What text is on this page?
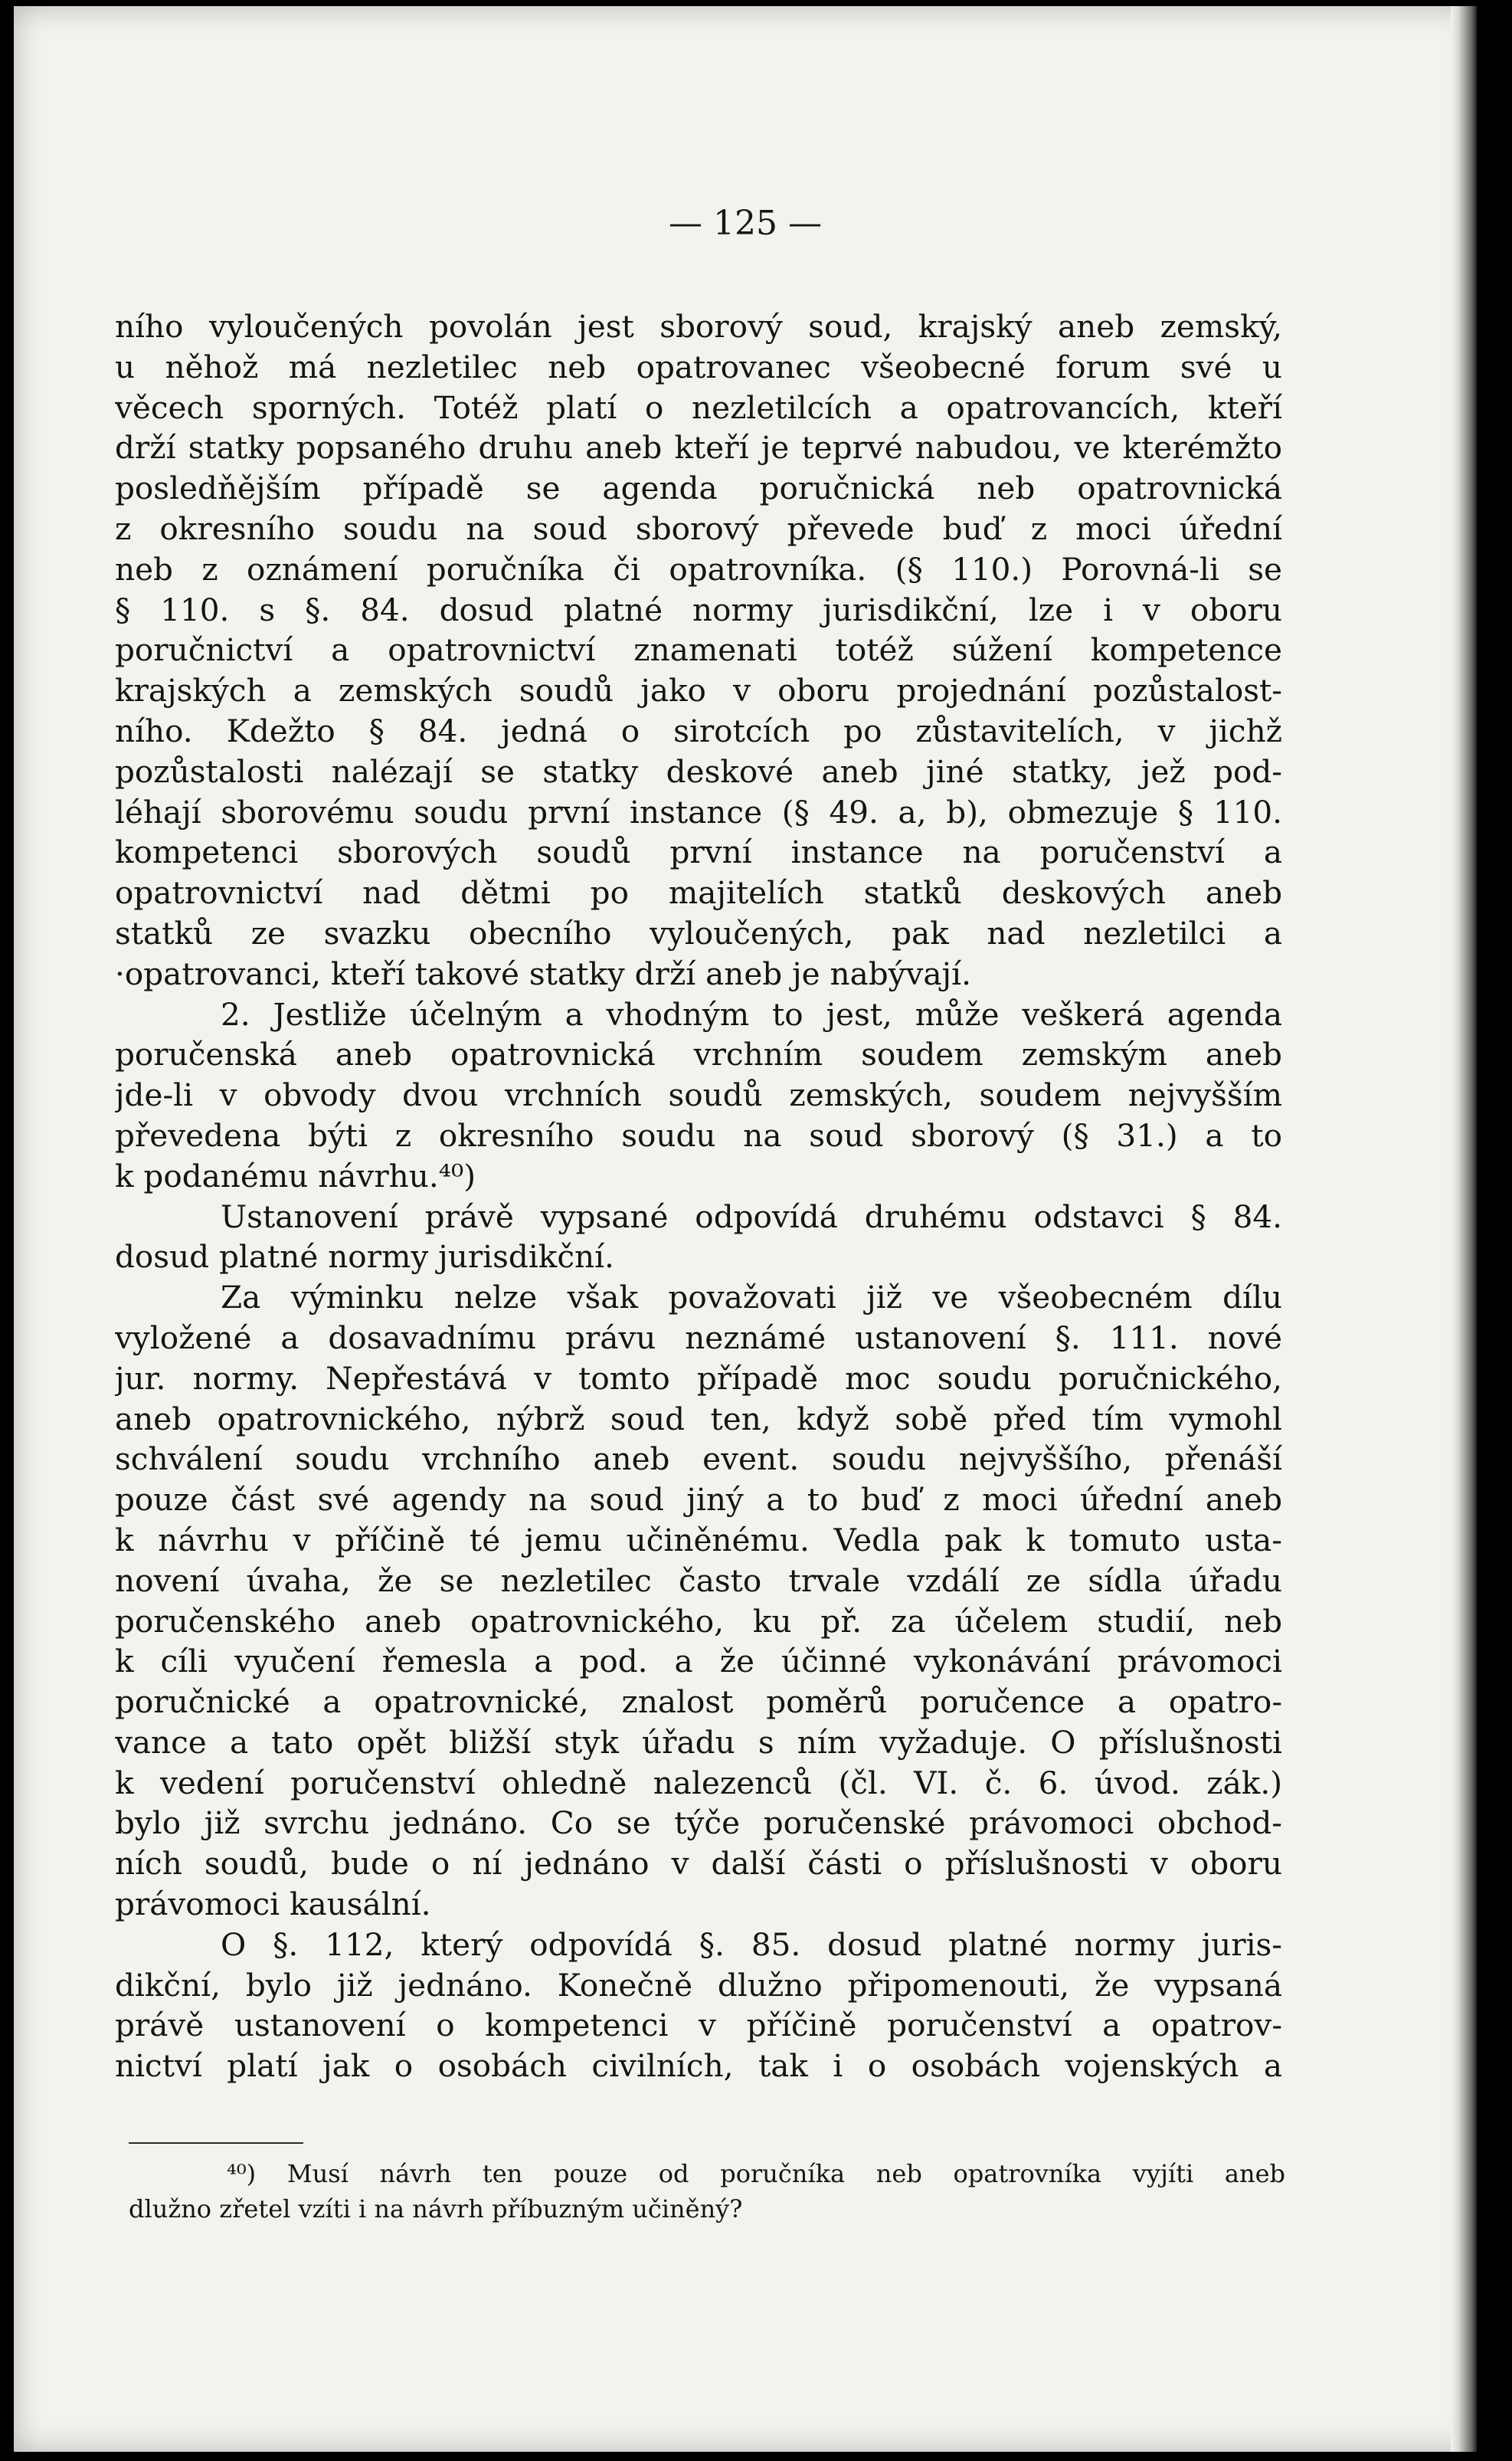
— 125 —
ního vyloučených povolán jest sborový soud, krajský aneb zemský,
u něhož má nezletilec neb opatrovanec všeobecné forum své u
věcech sporných. Totéž platí o nezletilcích a opatrovancích, kteří
drží statky popsaného druhu aneb kteří je teprvé nabudou, ve kterémžto
posledňějším případě se agenda poručnická neb opatrovnická
z okresního soudu na soud sborový převede buď z moci úřední
neb z oznámení poručníka či opatrovníka. (§ 110.) Porovná-li se
§ 110. s §. 84. dosud platné normy jurisdikční, lze i v oboru
poručnictví a opatrovnictví znamenati totéž súžení kompetence
krajských a zemských soudů jako v oboru projednání pozůstalost-
ního. Kdežto § 84. jedná o sirotcích po zůstavitelích, v jichž
pozůstalosti nalézají se statky deskové aneb jiné statky, jež pod-
léhají sborovému soudu první instance (§ 49. a, b), obmezuje § 110.
kompetenci sborových soudů první instance na poručenství a
opatrovnictví nad dětmi po majitelích statků deskových aneb
statků ze svazku obecního vyloučených, pak nad nezletilci a
·opatrovanci, kteří takové statky drží aneb je nabývají.
2. Jestliže účelným a vhodným to jest, může veškerá agenda
poručenská aneb opatrovnická vrchním soudem zemským aneb
jde-li v obvody dvou vrchních soudů zemských, soudem nejvyšším
převedena býti z okresního soudu na soud sborový (§ 31.) a to
k podanému návrhu.⁴⁰)
Ustanovení právě vypsané odpovídá druhému odstavci § 84.
dosud platné normy jurisdikční.
Za výminku nelze však považovati již ve všeobecném dílu
vyložené a dosavadnímu právu neznámé ustanovení §. 111. nové
jur. normy. Nepřestává v tomto případě moc soudu poručnického,
aneb opatrovnického, nýbrž soud ten, když sobě před tím vymohl
schválení soudu vrchního aneb event. soudu nejvyššího, přenáší
pouze část své agendy na soud jiný a to buď z moci úřední aneb
k návrhu v příčině té jemu učiněnému. Vedla pak k tomuto usta-
novení úvaha, že se nezletilec často trvale vzdálí ze sídla úřadu
poručenského aneb opatrovnického, ku př. za účelem studií, neb
k cíli vyučení řemesla a pod. a že účinné vykonávání právomoci
poručnické a opatrovnické, znalost poměrů poručence a opatro-
vance a tato opět bližší styk úřadu s ním vyžaduje. O příslušnosti
k vedení poručenství ohledně nalezenců (čl. VI. č. 6. úvod. zák.)
bylo již svrchu jednáno. Co se týče poručenské právomoci obchod-
ních soudů, bude o ní jednáno v další části o příslušnosti v oboru
právomoci kausální.
O §. 112, který odpovídá §. 85. dosud platné normy juris-
dikční, bylo již jednáno. Konečně dlužno připomenouti, že vypsaná
právě ustanovení o kompetenci v příčině poručenství a opatrov-
nictví platí jak o osobách civilních, tak i o osobách vojenských a
⁴⁰) Musí návrh ten pouze od poručníka neb opatrovníka vyjíti aneb
dlužno zřetel vzíti i na návrh příbuzným učiněný?
